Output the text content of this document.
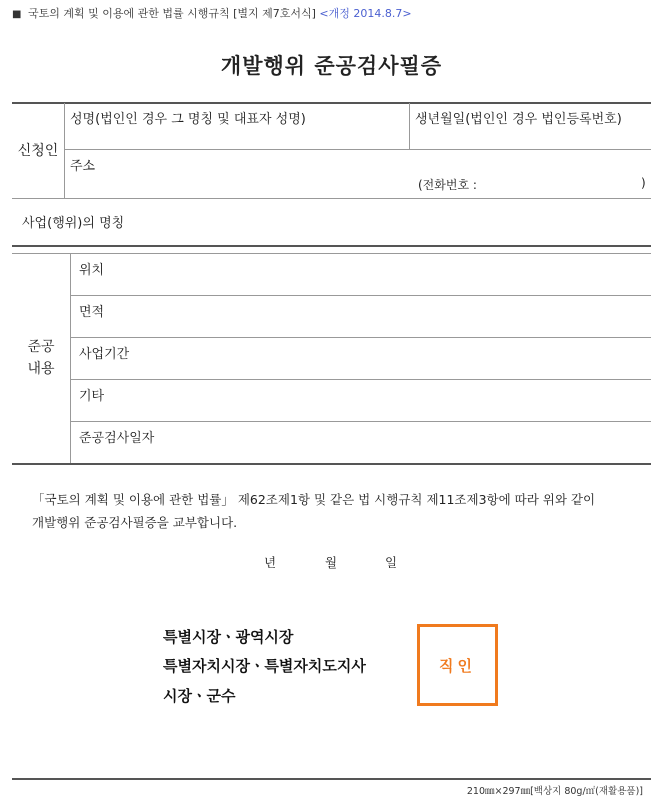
■ 국토의 계획 및 이용에 관한 법률 시행규칙 [별지 제7호서식] <개정 2014.8.7>
개발행위 준공검사필증
신청인
성명(법인인 경우 그 명칭 및 대표자 성명)	생년월일(법인인 경우 법인등록번호)
주소
(전화번호 :	)
사업(행위)의 명칭
준공
내용
위치
면적
사업기간
기타
준공검사일자
「국토의 계획 및 이용에 관한 법률」 제62조제1항 및 같은 법 시행규칙 제11조제3항에 따라 위와 같이 개발행위 준공검사필증을 교부합니다.
년	월	일
특별시장ㆍ광역시장
특별자치시장ㆍ특별자치도지사
시장ㆍ군수
직인
210㎜×297㎜[백상지 80g/㎡(재활용품)]
